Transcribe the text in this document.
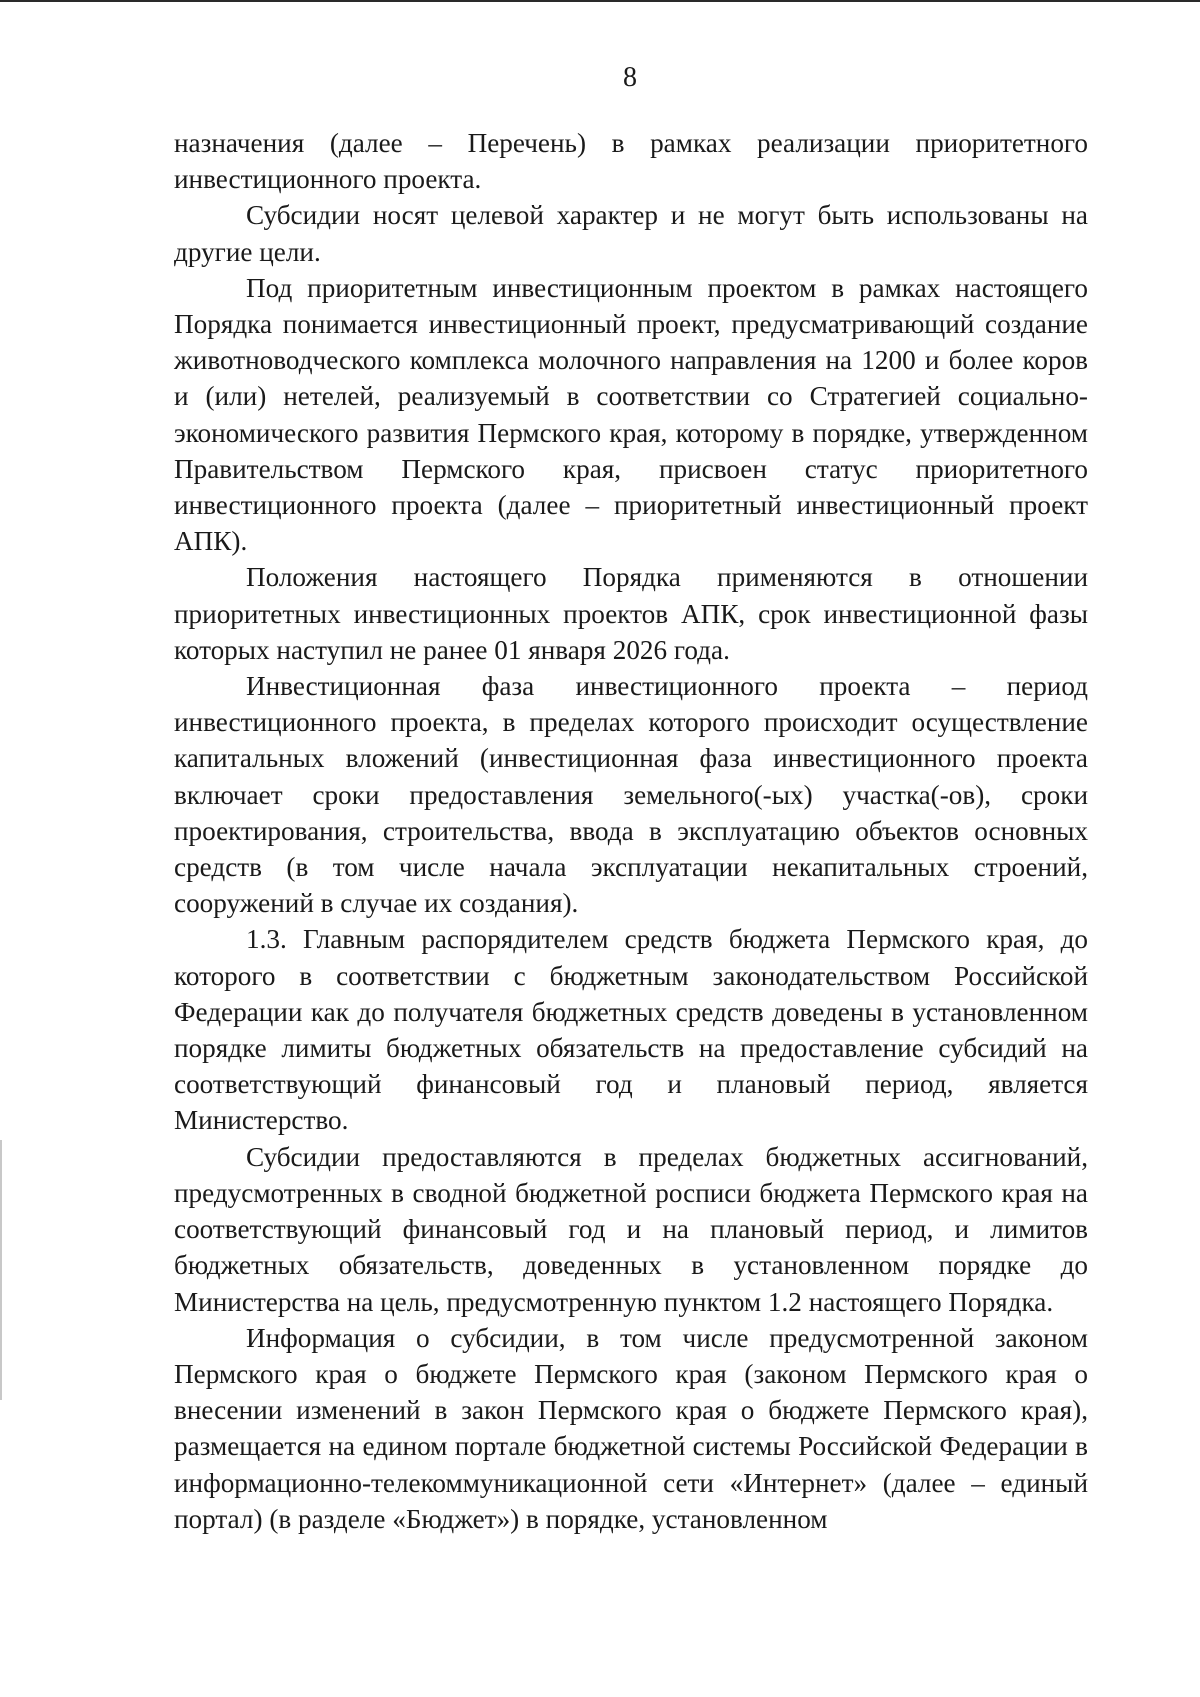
8

назначения (далее – Перечень) в рамках реализации приоритетного инвестиционного проекта.

Субсидии носят целевой характер и не могут быть использованы на другие цели.

Под приоритетным инвестиционным проектом в рамках настоящего Порядка понимается инвестиционный проект, предусматривающий создание животноводческого комплекса молочного направления на 1200 и более коров и (или) нетелей, реализуемый в соответствии со Стратегией социально-экономического развития Пермского края, которому в порядке, утвержденном Правительством Пермского края, присвоен статус приоритетного инвестиционного проекта (далее – приоритетный инвестиционный проект АПК).

Положения настоящего Порядка применяются в отношении приоритетных инвестиционных проектов АПК, срок инвестиционной фазы которых наступил не ранее 01 января 2026 года.

Инвестиционная фаза инвестиционного проекта – период инвестиционного проекта, в пределах которого происходит осуществление капитальных вложений (инвестиционная фаза инвестиционного проекта включает сроки предоставления земельного(-ых) участка(-ов), сроки проектирования, строительства, ввода в эксплуатацию объектов основных средств (в том числе начала эксплуатации некапитальных строений, сооружений в случае их создания).

1.3. Главным распорядителем средств бюджета Пермского края, до которого в соответствии с бюджетным законодательством Российской Федерации как до получателя бюджетных средств доведены в установленном порядке лимиты бюджетных обязательств на предоставление субсидий на соответствующий финансовый год и плановый период, является Министерство.

Субсидии предоставляются в пределах бюджетных ассигнований, предусмотренных в сводной бюджетной росписи бюджета Пермского края на соответствующий финансовый год и на плановый период, и лимитов бюджетных обязательств, доведенных в установленном порядке до Министерства на цель, предусмотренную пунктом 1.2 настоящего Порядка.

Информация о субсидии, в том числе предусмотренной законом Пермского края о бюджете Пермского края (законом Пермского края о внесении изменений в закон Пермского края о бюджете Пермского края), размещается на едином портале бюджетной системы Российской Федерации в информационно-телекоммуникационной сети «Интернет» (далее – единый портал) (в разделе «Бюджет») в порядке, установленном
